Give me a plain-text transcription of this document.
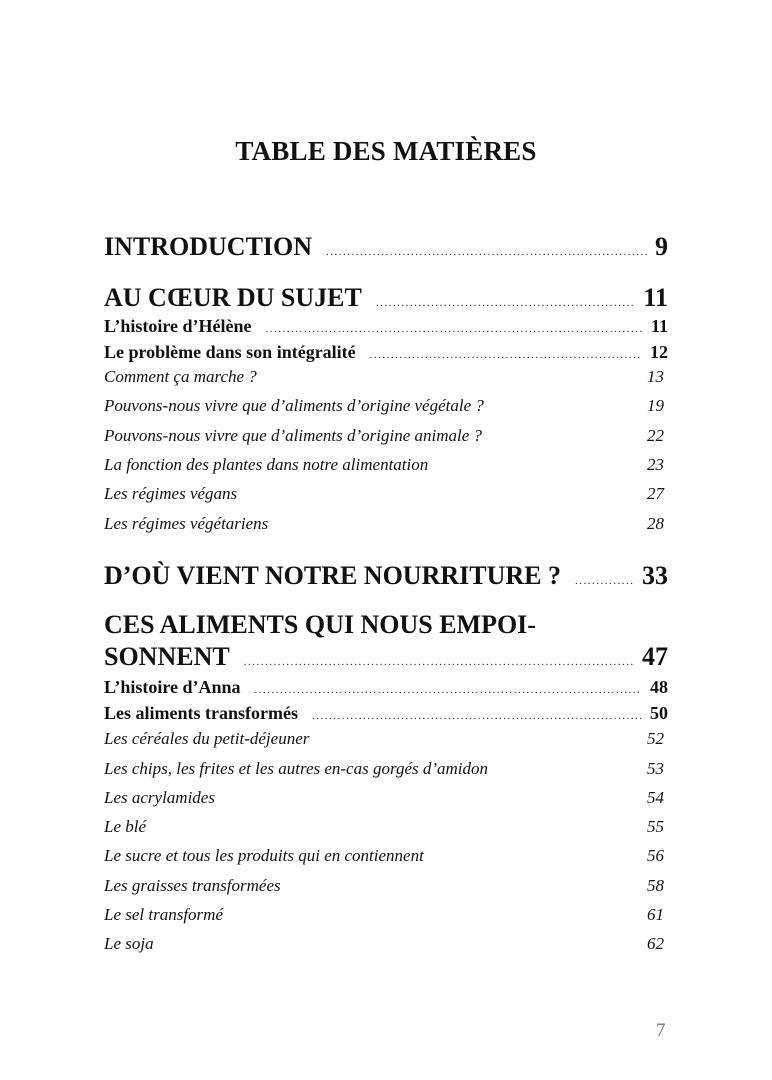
TABLE DES MATIÈRES
INTRODUCTION .....	9
AU CŒUR DU SUJET .....	11
L’histoire d’Hélène .....	11
Le problème dans son intégralité .....	12
Comment ça marche ?	13
Pouvons-nous vivre que d’aliments d’origine végétale ?	19
Pouvons-nous vivre que d’aliments d’origine animale ?	22
La fonction des plantes dans notre alimentation	23
Les régimes végans	27
Les régimes végétariens	28
D’OÙ VIENT NOTRE NOURRITURE ? .....	33
CES ALIMENTS QUI NOUS EMPOI-
SONNENT .....	47
L’histoire d’Anna .....	48
Les aliments transformés .....	50
Les céréales du petit-déjeuner	52
Les chips, les frites et les autres en-cas gorgés d’amidon	53
Les acrylamides	54
Le blé	55
Le sucre et tous les produits qui en contiennent	56
Les graisses transformées	58
Le sel transformé	61
Le soja	62
7
